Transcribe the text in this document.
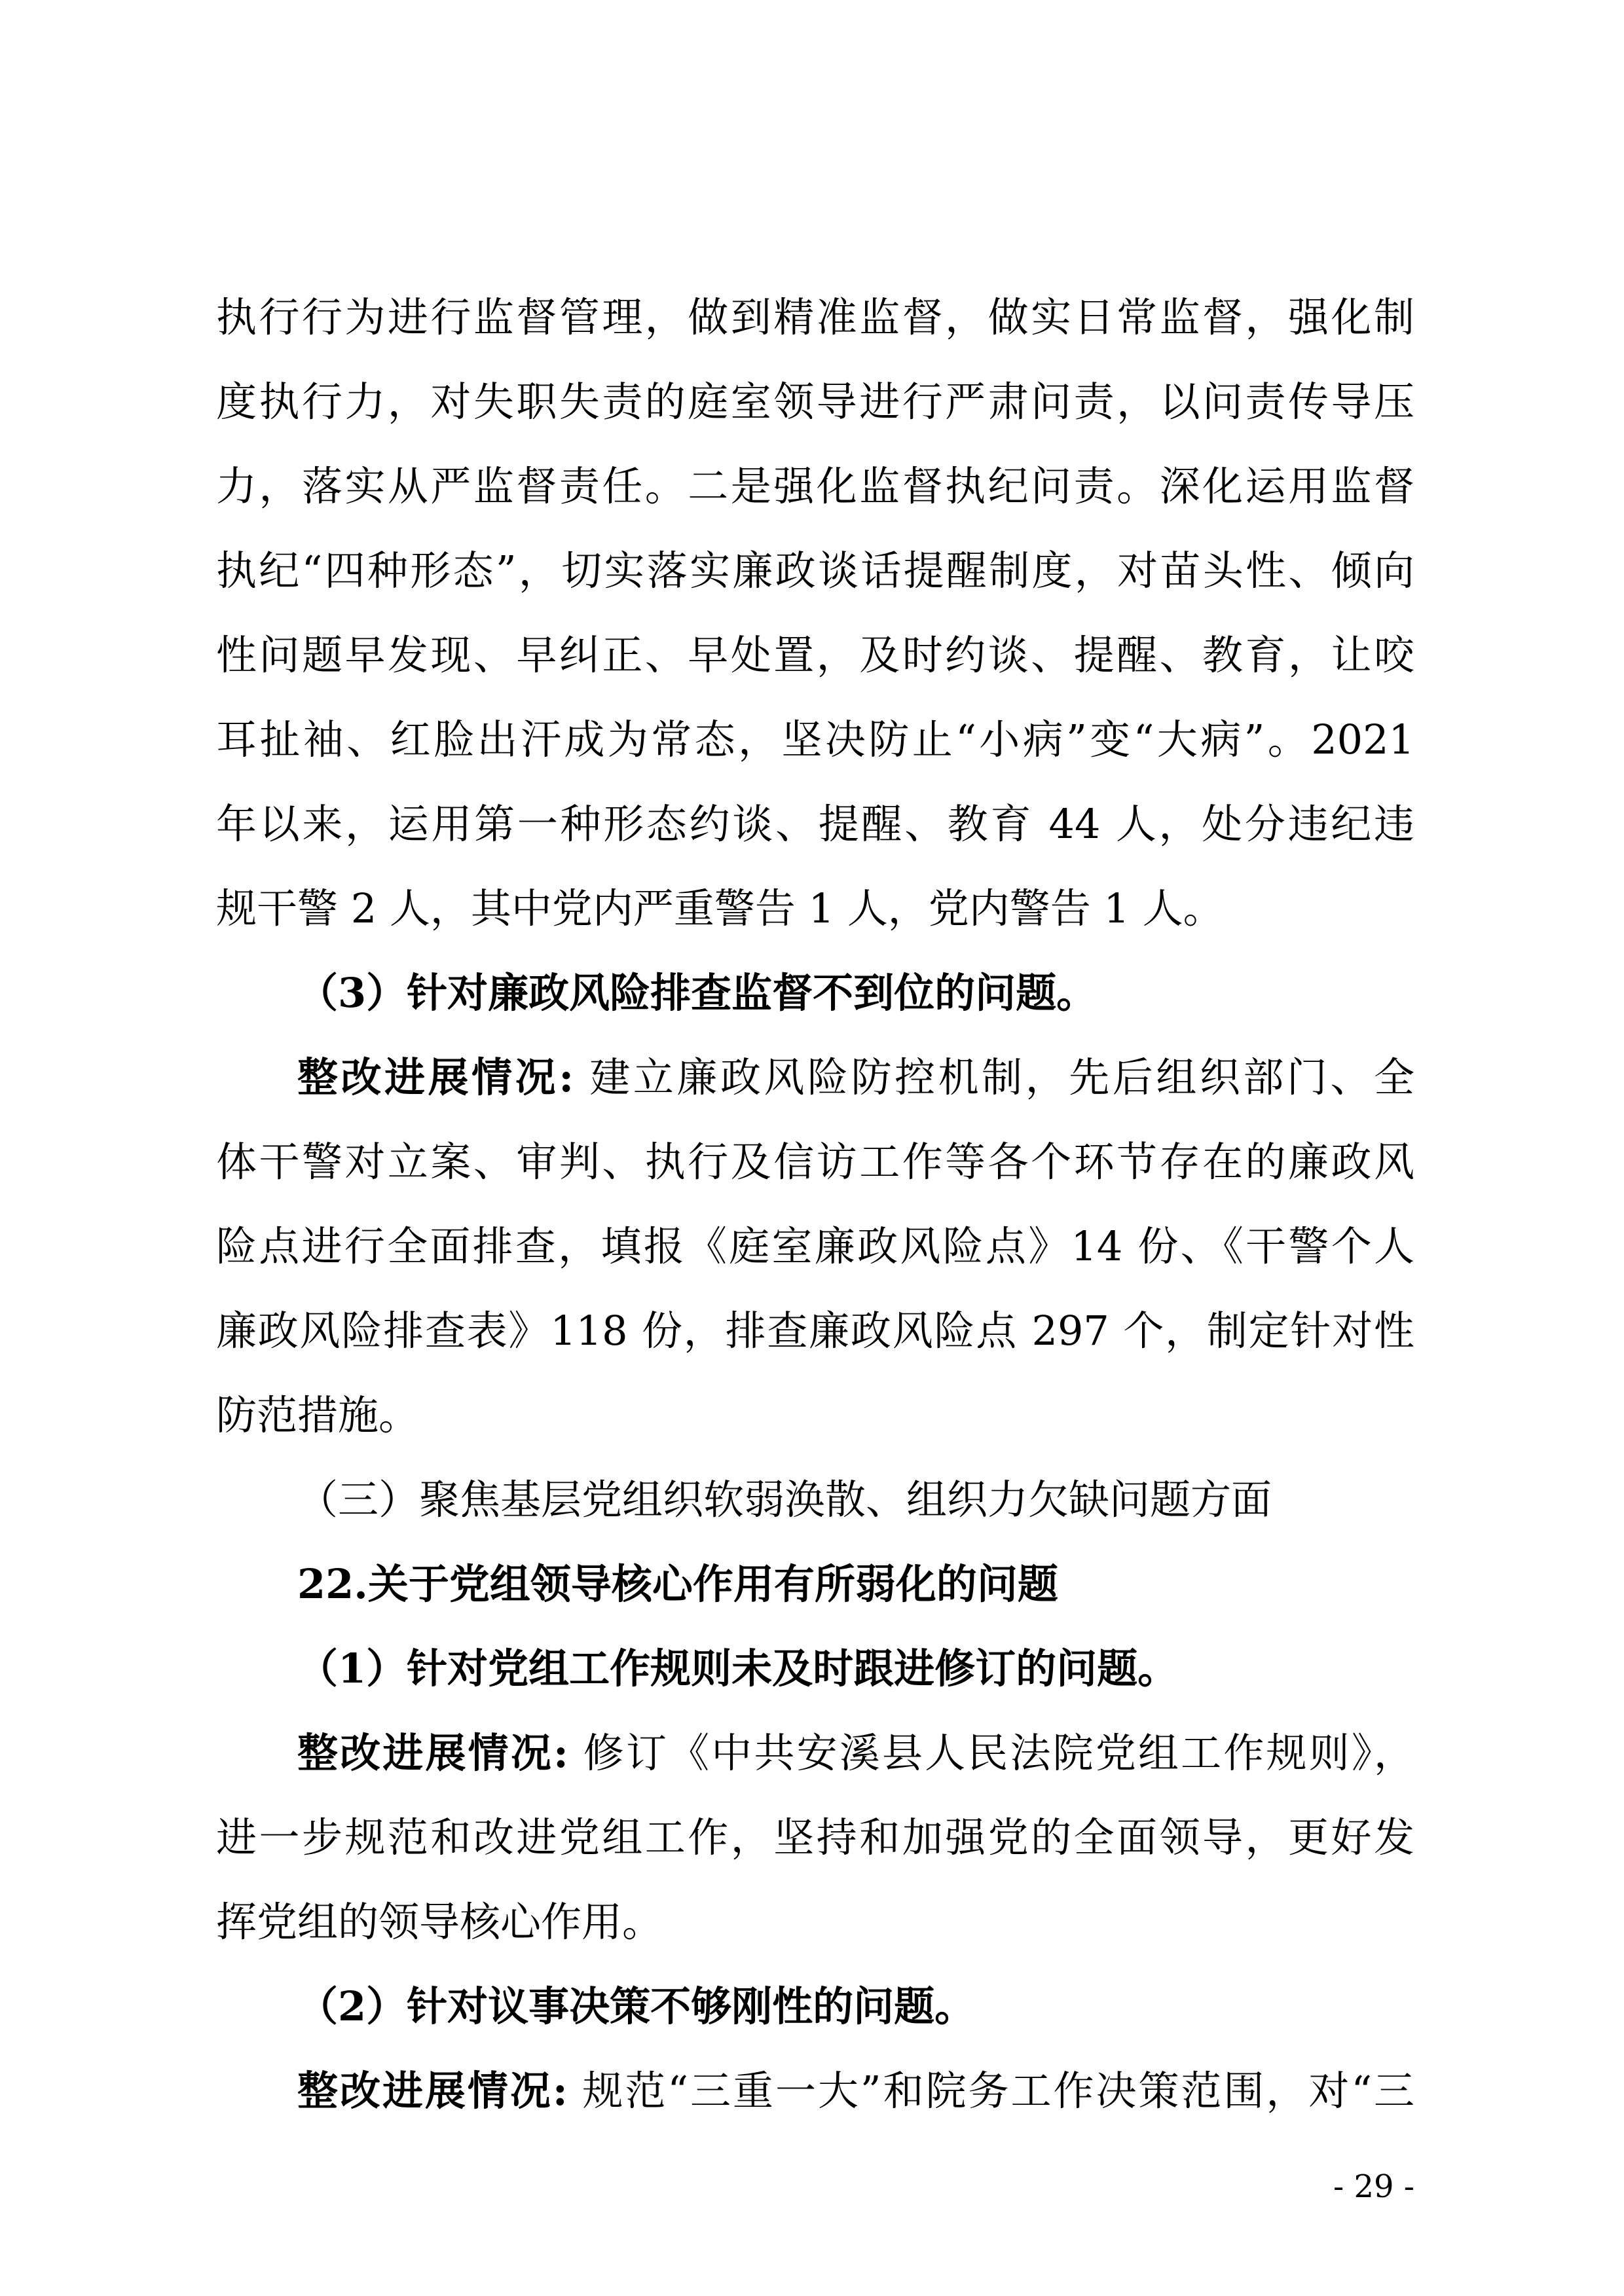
执行行为进行监督管理，做到精准监督，做实日常监督，强化制
度执行力，对失职失责的庭室领导进行严肃问责，以问责传导压
力，落实从严监督责任。二是强化监督执纪问责。深化运用监督
执纪“四种形态”，切实落实廉政谈话提醒制度，对苗头性、倾向
性问题早发现、早纠正、早处置，及时约谈、提醒、教育，让咬
耳扯袖、红脸出汗成为常态，坚决防止“小病”变“大病”。2021
年以来，运用第一种形态约谈、提醒、教育 44 人，处分违纪违
规干警 2 人，其中党内严重警告 1 人，党内警告 1 人。
（3）针对廉政风险排查监督不到位的问题。
整改进展情况: 建立廉政风险防控机制，先后组织部门、全
体干警对立案、审判、执行及信访工作等各个环节存在的廉政风
险点进行全面排查，填报《庭室廉政风险点》14 份、《干警个人
廉政风险排查表》118 份，排查廉政风险点 297 个，制定针对性
防范措施。
（三）聚焦基层党组织软弱涣散、组织力欠缺问题方面
22.关于党组领导核心作用有所弱化的问题
（1）针对党组工作规则未及时跟进修订的问题。
整改进展情况: 修订《中共安溪县人民法院党组工作规则》，
进一步规范和改进党组工作，坚持和加强党的全面领导，更好发
挥党组的领导核心作用。
（2）针对议事决策不够刚性的问题。
整改进展情况: 规范“三重一大”和院务工作决策范围，对“三
- 29 -
